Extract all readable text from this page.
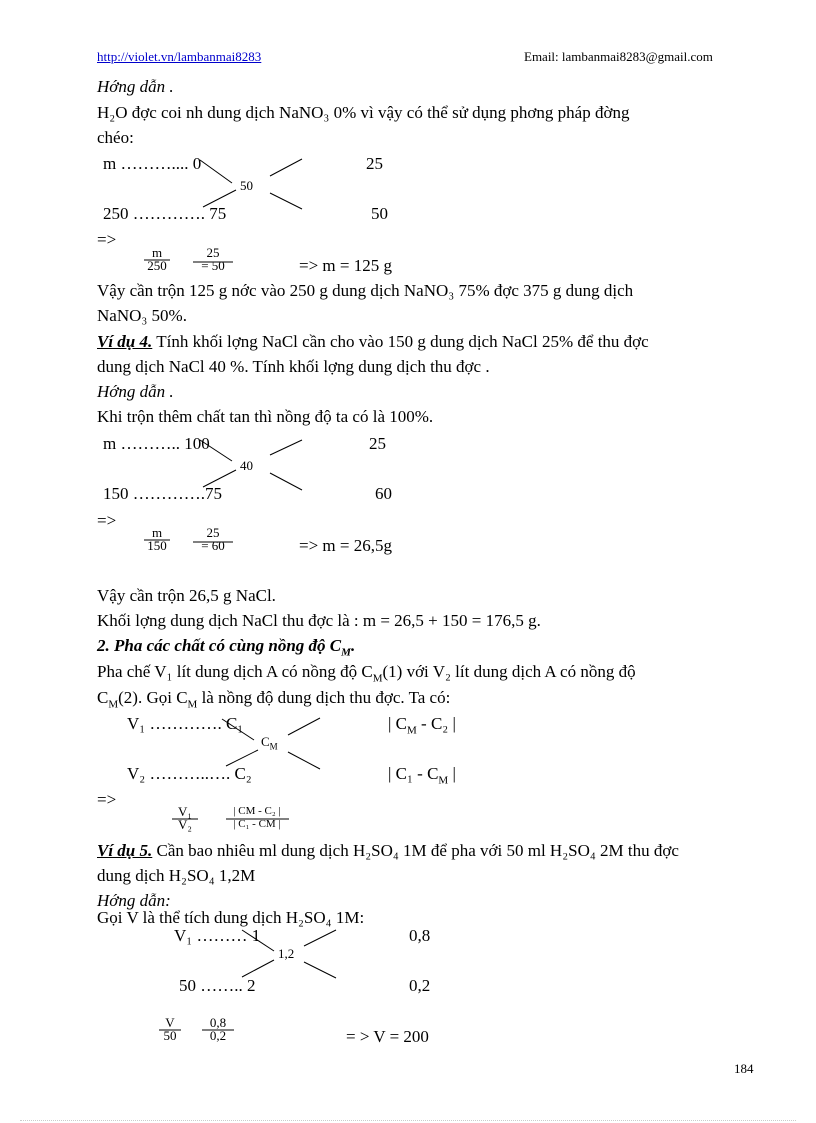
http://violet.vn/lambanmai8283	Email: lambanmai8283@gmail.com
Hớng dẫn .
H₂O đợc coi nh dung dịch NaNO₃ 0% vì vậy có thể sử dụng phơng pháp đờng
chéo:
m ……….... 0	25
50
250 …………. 75	50
=>
m
250
25
= 50	=> m = 125 g
Vậy cần trộn 125 g nớc vào 250 g dung dịch NaNO₃ 75% đợc 375 g dung dịch
NaNO₃ 50%.
Ví dụ 4. Tính khối lợng NaCl cần cho vào 150 g dung dịch NaCl 25% để thu đợc
dung dịch NaCl 40 %. Tính khối lợng dung dịch thu đợc .
Hớng dẫn .
Khi trộn thêm chất tan thì nồng độ ta có là 100%.
m ……….. 100	25
40
150 ………….75	60
=>
m
150
25
= 60	=> m = 26,5g
Vậy cần trộn 26,5 g NaCl.
Khối lợng dung dịch NaCl thu đợc là : m = 26,5 + 150 = 176,5 g.
2. Pha các chất có cùng nồng độ $C_M$.
Pha chế V₁ lít dung dịch A có nồng độ $C_M(1)$ với V₂ lít dung dịch A có nồng độ
$C_M(2)$. Gọi $C_M$ là nồng độ dung dịch thu đợc. Ta có:
V₁ …………. C₁	| $C_M - C_2$ |
$C_M$
V₂ ………..…. C₂	| $C_1 - C_M$ |
=>
V₁
V₂
| CM - C₂ |
| C₁ - CM |
Ví dụ 5. Cần bao nhiêu ml dung dịch H₂SO₄ 1M để pha với 50 ml H₂SO₄ 2M thu đợc
dung dịch H₂SO₄ 1,2M
Hớng dẫn:
Gọi V là thể tích dung dịch H₂SO₄ 1M:
V₁ ……… 1	0,8
1,2
50 …….. 2	0,2
V
50
0,8
0,2	= > V = 200
184
